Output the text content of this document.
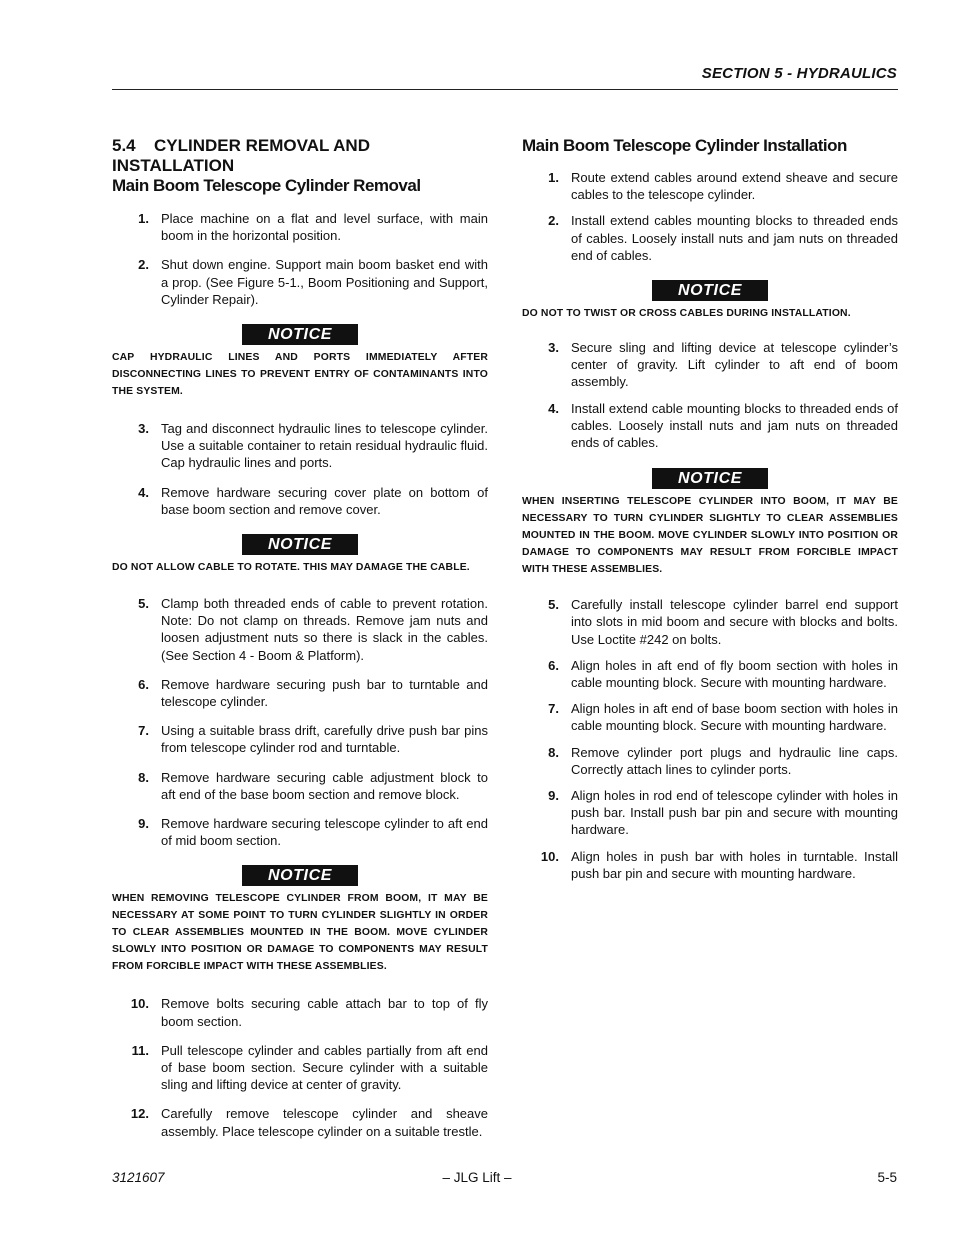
SECTION 5 - HYDRAULICS
5.4 CYLINDER REMOVAL AND INSTALLATION
Main Boom Telescope Cylinder Removal
1. Place machine on a flat and level surface, with main boom in the horizontal position.
2. Shut down engine. Support main boom basket end with a prop. (See Figure 5-1., Boom Positioning and Support, Cylinder Repair).
NOTICE
CAP HYDRAULIC LINES AND PORTS IMMEDIATELY AFTER DISCONNECTING LINES TO PREVENT ENTRY OF CONTAMINANTS INTO THE SYSTEM.
3. Tag and disconnect hydraulic lines to telescope cylinder. Use a suitable container to retain residual hydraulic fluid. Cap hydraulic lines and ports.
4. Remove hardware securing cover plate on bottom of base boom section and remove cover.
NOTICE
DO NOT ALLOW CABLE TO ROTATE. THIS MAY DAMAGE THE CABLE.
5. Clamp both threaded ends of cable to prevent rotation. Note: Do not clamp on threads. Remove jam nuts and loosen adjustment nuts so there is slack in the cables. (See Section 4 - Boom & Platform).
6. Remove hardware securing push bar to turntable and telescope cylinder.
7. Using a suitable brass drift, carefully drive push bar pins from telescope cylinder rod and turntable.
8. Remove hardware securing cable adjustment block to aft end of the base boom section and remove block.
9. Remove hardware securing telescope cylinder to aft end of mid boom section.
NOTICE
WHEN REMOVING TELESCOPE CYLINDER FROM BOOM, IT MAY BE NECESSARY AT SOME POINT TO TURN CYLINDER SLIGHTLY IN ORDER TO CLEAR ASSEMBLIES MOUNTED IN THE BOOM. MOVE CYLINDER SLOWLY INTO POSITION OR DAMAGE TO COMPONENTS MAY RESULT FROM FORCIBLE IMPACT WITH THESE ASSEMBLIES.
10. Remove bolts securing cable attach bar to top of fly boom section.
11. Pull telescope cylinder and cables partially from aft end of base boom section. Secure cylinder with a suitable sling and lifting device at center of gravity.
12. Carefully remove telescope cylinder and sheave assembly. Place telescope cylinder on a suitable trestle.
Main Boom Telescope Cylinder Installation
1. Route extend cables around extend sheave and secure cables to the telescope cylinder.
2. Install extend cables mounting blocks to threaded ends of cables. Loosely install nuts and jam nuts on threaded end of cables.
NOTICE
DO NOT TO TWIST OR CROSS CABLES DURING INSTALLATION.
3. Secure sling and lifting device at telescope cylinder’s center of gravity. Lift cylinder to aft end of boom assembly.
4. Install extend cable mounting blocks to threaded ends of cables. Loosely install nuts and jam nuts on threaded ends of cables.
NOTICE
WHEN INSERTING TELESCOPE CYLINDER INTO BOOM, IT MAY BE NECESSARY TO TURN CYLINDER SLIGHTLY TO CLEAR ASSEMBLIES MOUNTED IN THE BOOM. MOVE CYLINDER SLOWLY INTO POSITION OR DAMAGE TO COMPONENTS MAY RESULT FROM FORCIBLE IMPACT WITH THESE ASSEMBLIES.
5. Carefully install telescope cylinder barrel end support into slots in mid boom and secure with blocks and bolts. Use Loctite #242 on bolts.
6. Align holes in aft end of fly boom section with holes in cable mounting block. Secure with mounting hardware.
7. Align holes in aft end of base boom section with holes in cable mounting block. Secure with mounting hardware.
8. Remove cylinder port plugs and hydraulic line caps. Correctly attach lines to cylinder ports.
9. Align holes in rod end of telescope cylinder with holes in push bar. Install push bar pin and secure with mounting hardware.
10. Align holes in push bar with holes in turntable. Install push bar pin and secure with mounting hardware.
3121607	– JLG Lift –	5-5
